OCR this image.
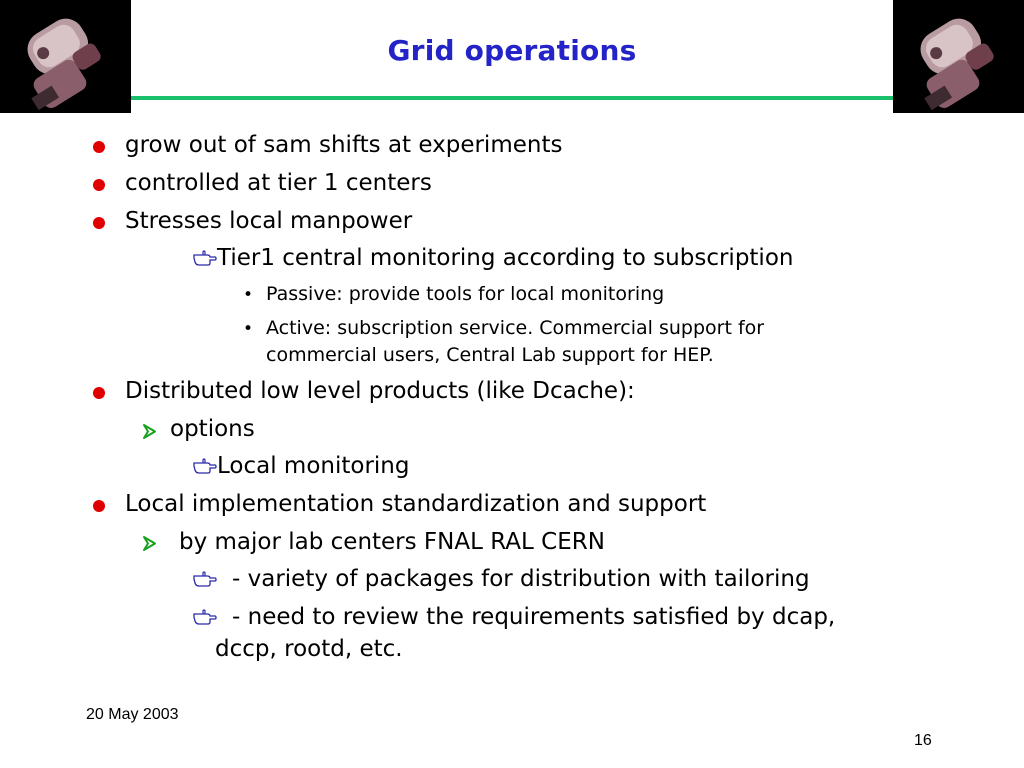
Grid operations
grow out of sam shifts at experiments
controlled at tier 1 centers
Stresses local manpower
Tier1 central monitoring according to subscription
• Passive: provide tools for local monitoring
• Active: subscription service. Commercial support for
commercial users, Central Lab support for HEP.
Distributed low level products (like Dcache):
options
Local monitoring
Local implementation standardization and support
by major lab centers FNAL RAL CERN
- variety of packages for distribution with tailoring
- need to review the requirements satisfied by dcap,
dccp, rootd, etc.
20 May 2003
16
